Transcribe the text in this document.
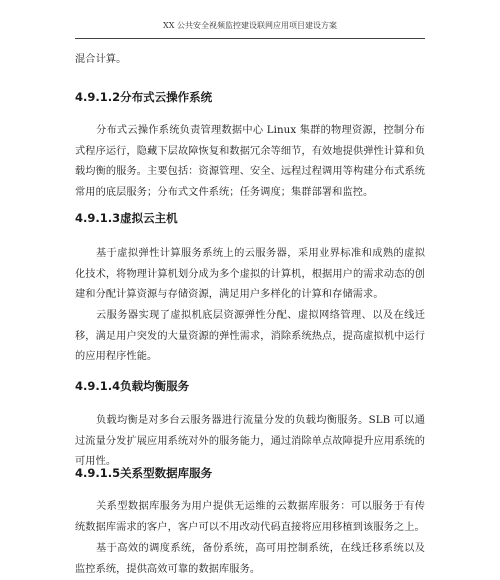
XX 公共安全视频监控建设联网应用项目建设方案

混合计算。

4.9.1.2分布式云操作系统

分布式云操作系统负责管理数据中心 Linux 集群的物理资源，控制分布式程序运行，隐藏下层故障恢复和数据冗余等细节，有效地提供弹性计算和负载均衡的服务。主要包括：资源管理、安全、远程过程调用等构建分布式系统常用的底层服务；分布式文件系统；任务调度；集群部署和监控。

4.9.1.3虚拟云主机

基于虚拟弹性计算服务系统上的云服务器，采用业界标准和成熟的虚拟化技术，将物理计算机划分成为多个虚拟的计算机，根据用户的需求动态的创建和分配计算资源与存储资源，满足用户多样化的计算和存储需求。

云服务器实现了虚拟机底层资源弹性分配、虚拟网络管理、以及在线迁移，满足用户突发的大量资源的弹性需求，消除系统热点，提高虚拟机中运行的应用程序性能。

4.9.1.4负载均衡服务

负载均衡是对多台云服务器进行流量分发的负载均衡服务。SLB 可以通过流量分发扩展应用系统对外的服务能力，通过消除单点故障提升应用系统的可用性。

4.9.1.5关系型数据库服务

关系型数据库服务为用户提供无运维的云数据库服务：可以服务于有传统数据库需求的客户，客户可以不用改动代码直接将应用移植到该服务之上。

基于高效的调度系统，备份系统，高可用控制系统，在线迁移系统以及监控系统，提供高效可靠的数据库服务。
